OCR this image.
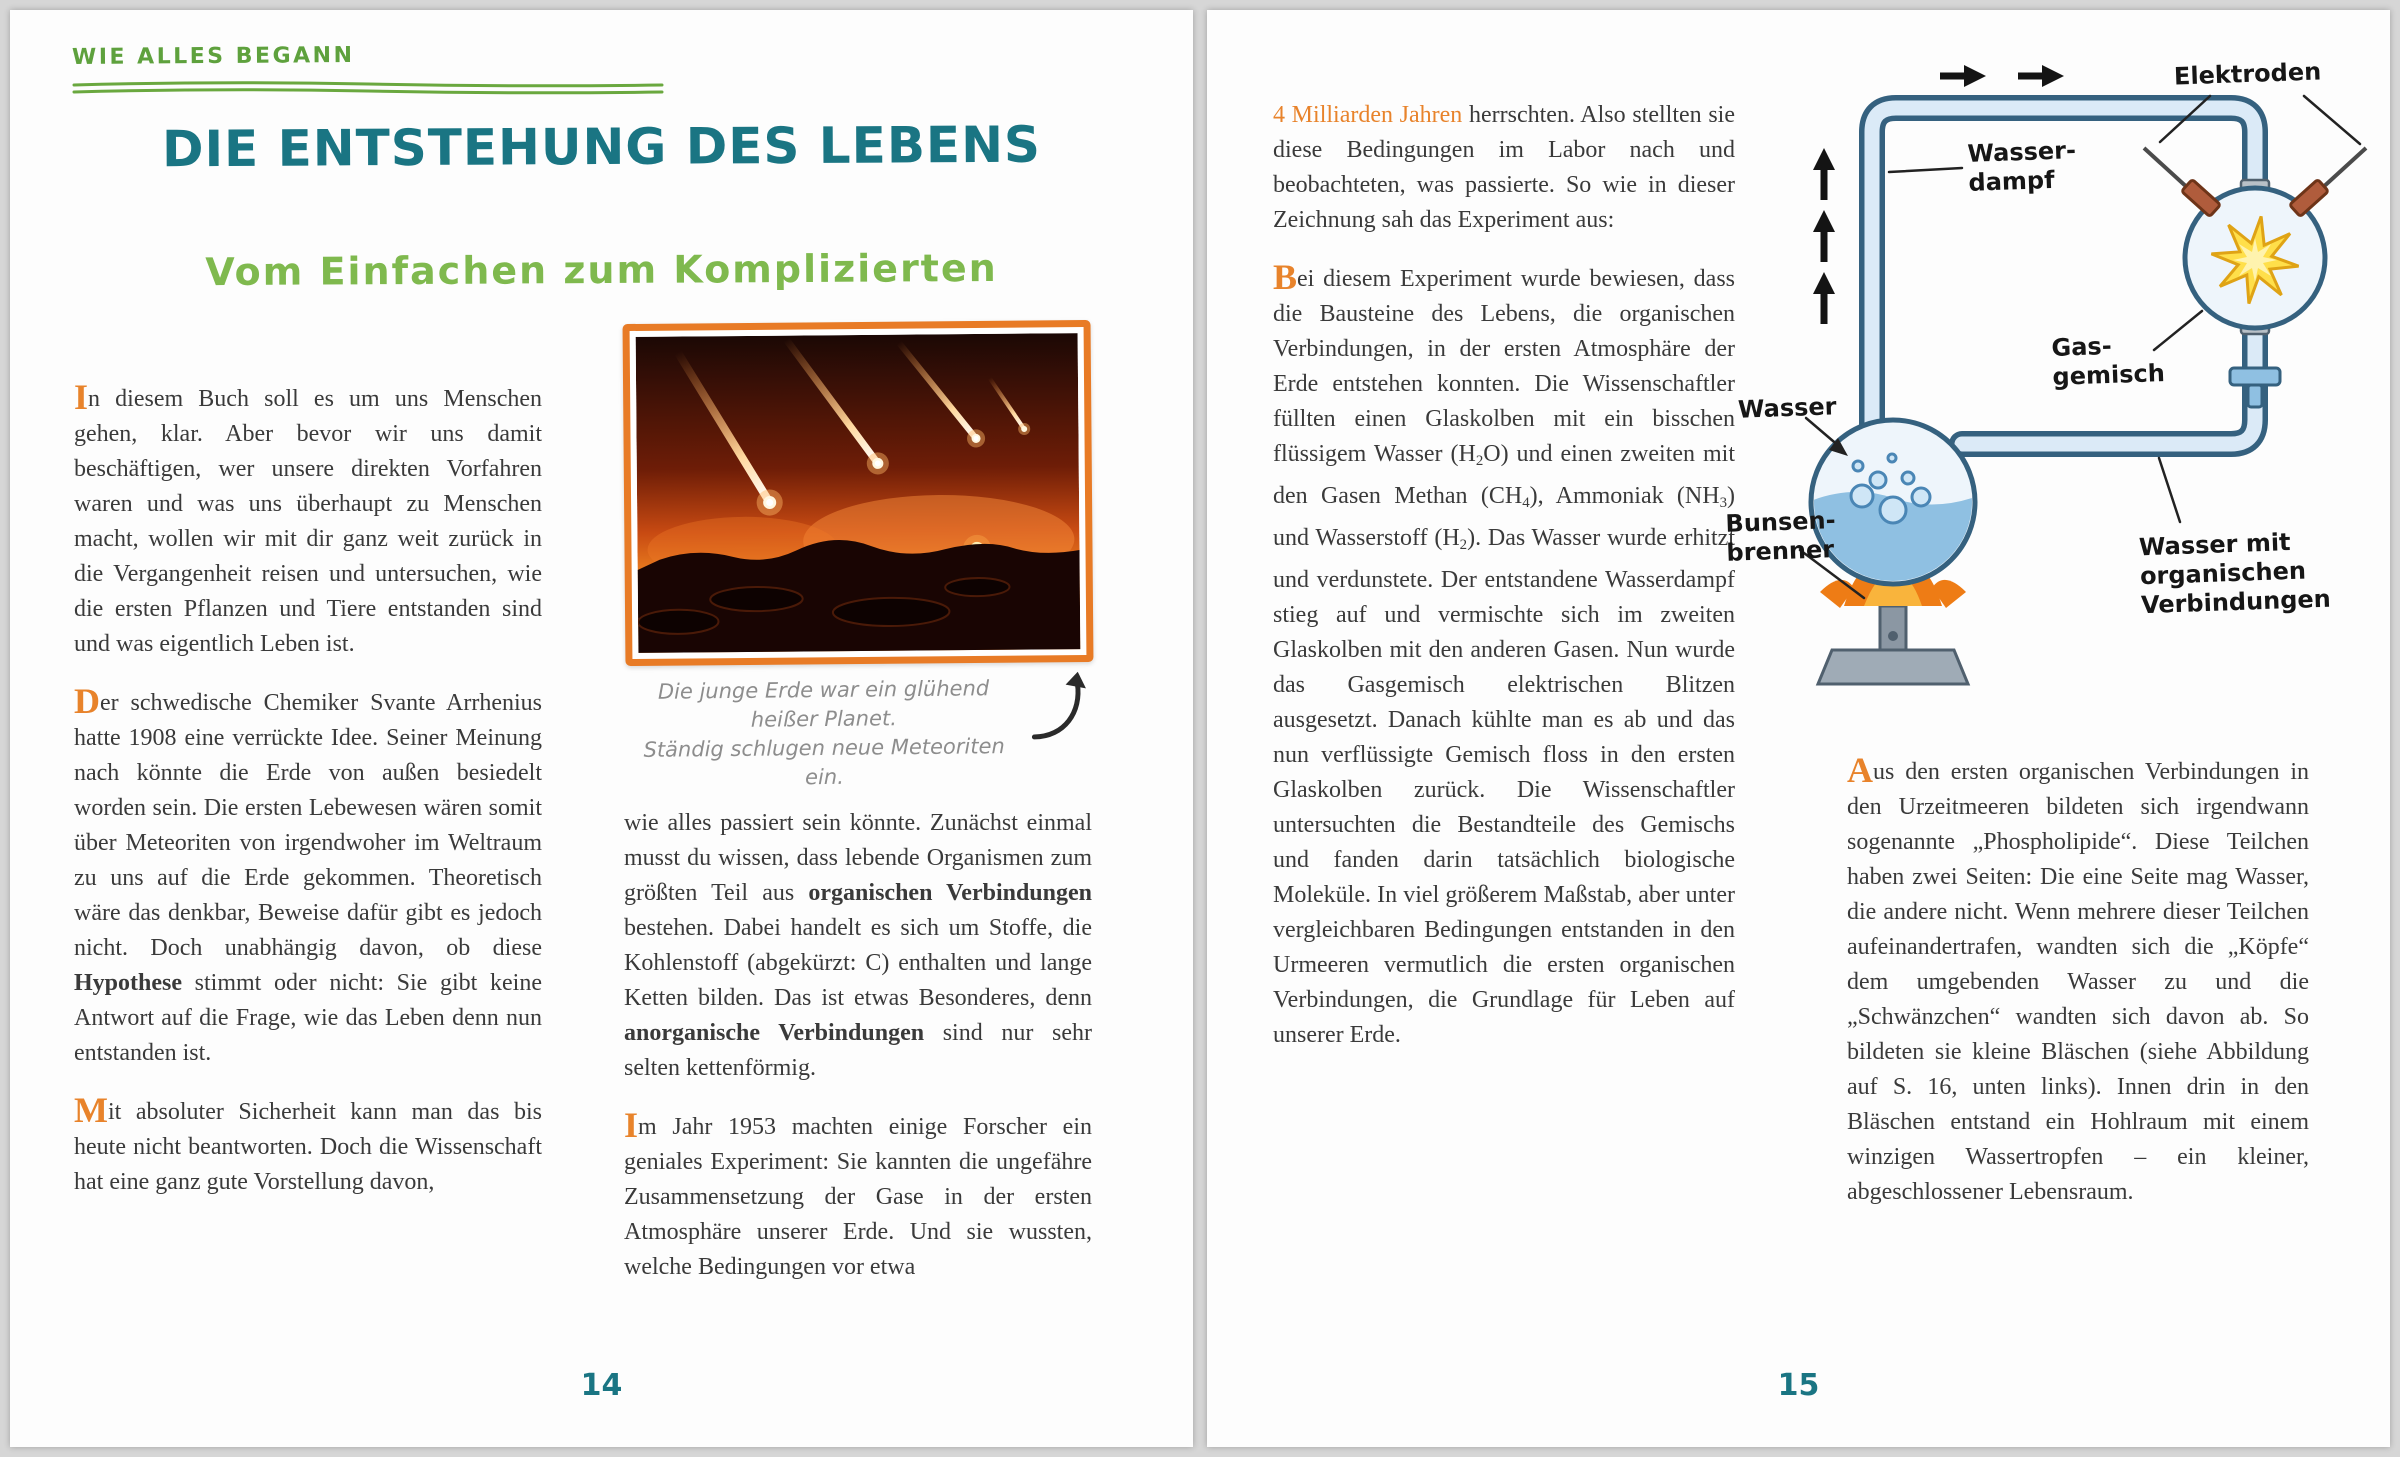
WIE ALLES BEGANN
DIE ENTSTEHUNG DES LEBENS
Vom Einfachen zum Komplizierten

In diesem Buch soll es um uns Menschen gehen, klar. Aber bevor wir uns damit beschäftigen, wer unsere direkten Vorfahren waren und was uns überhaupt zu Menschen macht, wollen wir mit dir ganz weit zurück in die Vergangenheit reisen und untersuchen, wie die ersten Pflanzen und Tiere entstanden sind und was eigentlich Leben ist.

Der schwedische Chemiker Svante Arrhenius hatte 1908 eine verrückte Idee. Seiner Meinung nach könnte die Erde von außen besiedelt worden sein. Die ersten Lebewesen wären somit über Meteoriten von irgendwoher im Weltraum zu uns auf die Erde gekommen. Theoretisch wäre das denkbar, Beweise dafür gibt es jedoch nicht. Doch unabhängig davon, ob diese Hypothese stimmt oder nicht: Sie gibt keine Antwort auf die Frage, wie das Leben denn nun entstanden ist.

Mit absoluter Sicherheit kann man das bis heute nicht beantworten. Doch die Wissenschaft hat eine ganz gute Vorstellung davon,

Die junge Erde war ein glühend heißer Planet.
Ständig schlugen neue Meteoriten ein.

wie alles passiert sein könnte. Zunächst einmal musst du wissen, dass lebende Organismen zum größten Teil aus organischen Verbindungen bestehen. Dabei handelt es sich um Stoffe, die Kohlenstoff (abgekürzt: C) enthalten und lange Ketten bilden. Das ist etwas Besonderes, denn anorganische Verbindungen sind nur sehr selten kettenförmig.

Im Jahr 1953 machten einige Forscher ein geniales Experiment: Sie kannten die ungefähre Zusammensetzung der Gase in der ersten Atmosphäre unserer Erde. Und sie wussten, welche Bedingungen vor etwa

14

4 Milliarden Jahren herrschten. Also stellten sie diese Bedingungen im Labor nach und beobachteten, was passierte. So wie in dieser Zeichnung sah das Experiment aus:

Bei diesem Experiment wurde bewiesen, dass die Bausteine des Lebens, die organischen Verbindungen, in der ersten Atmosphäre der Erde entstehen konnten. Die Wissenschaftler füllten einen Glaskolben mit ein bisschen flüssigem Wasser $(H_2O)$ und einen zweiten mit den Gasen Methan $(CH_4)$, Ammoniak $(NH_3)$ und Wasserstoff $(H_2)$. Das Wasser wurde erhitzt und verdunstete. Der entstandene Wasserdampf stieg auf und vermischte sich im zweiten Glaskolben mit den anderen Gasen. Nun wurde das Gasgemisch elektrischen Blitzen ausgesetzt. Danach kühlte man es ab und das nun verflüssigte Gemisch floss in den ersten Glaskolben zurück. Die Wissenschaftler untersuchten die Bestandteile des Gemischs und fanden darin tatsächlich biologische Moleküle. In viel größerem Maßstab, aber unter vergleichbaren Bedingungen entstanden in den Urmeeren vermutlich die ersten organischen Verbindungen, die Grundlage für Leben auf unserer Erde.

Wasser-
dampf
Elektroden
Gas-
gemisch
Wasser
Bunsen-
brenner	Wasser mit
organischen
Verbindungen

Aus den ersten organischen Verbindungen in den Urzeitmeeren bildeten sich irgendwann sogenannte „Phospholipide“. Diese Teilchen haben zwei Seiten: Die eine Seite mag Wasser, die andere nicht. Wenn mehrere dieser Teilchen aufeinandertrafen, wandten sich die „Köpfe“ dem umgebenden Wasser zu und die „Schwänzchen“ wandten sich davon ab. So bildeten sie kleine Bläschen (siehe Abbildung auf S. 16, unten links). Innen drin in den Bläschen entstand ein Hohlraum mit einem winzigen Wassertropfen – ein kleiner, abgeschlossener Lebensraum.

15
